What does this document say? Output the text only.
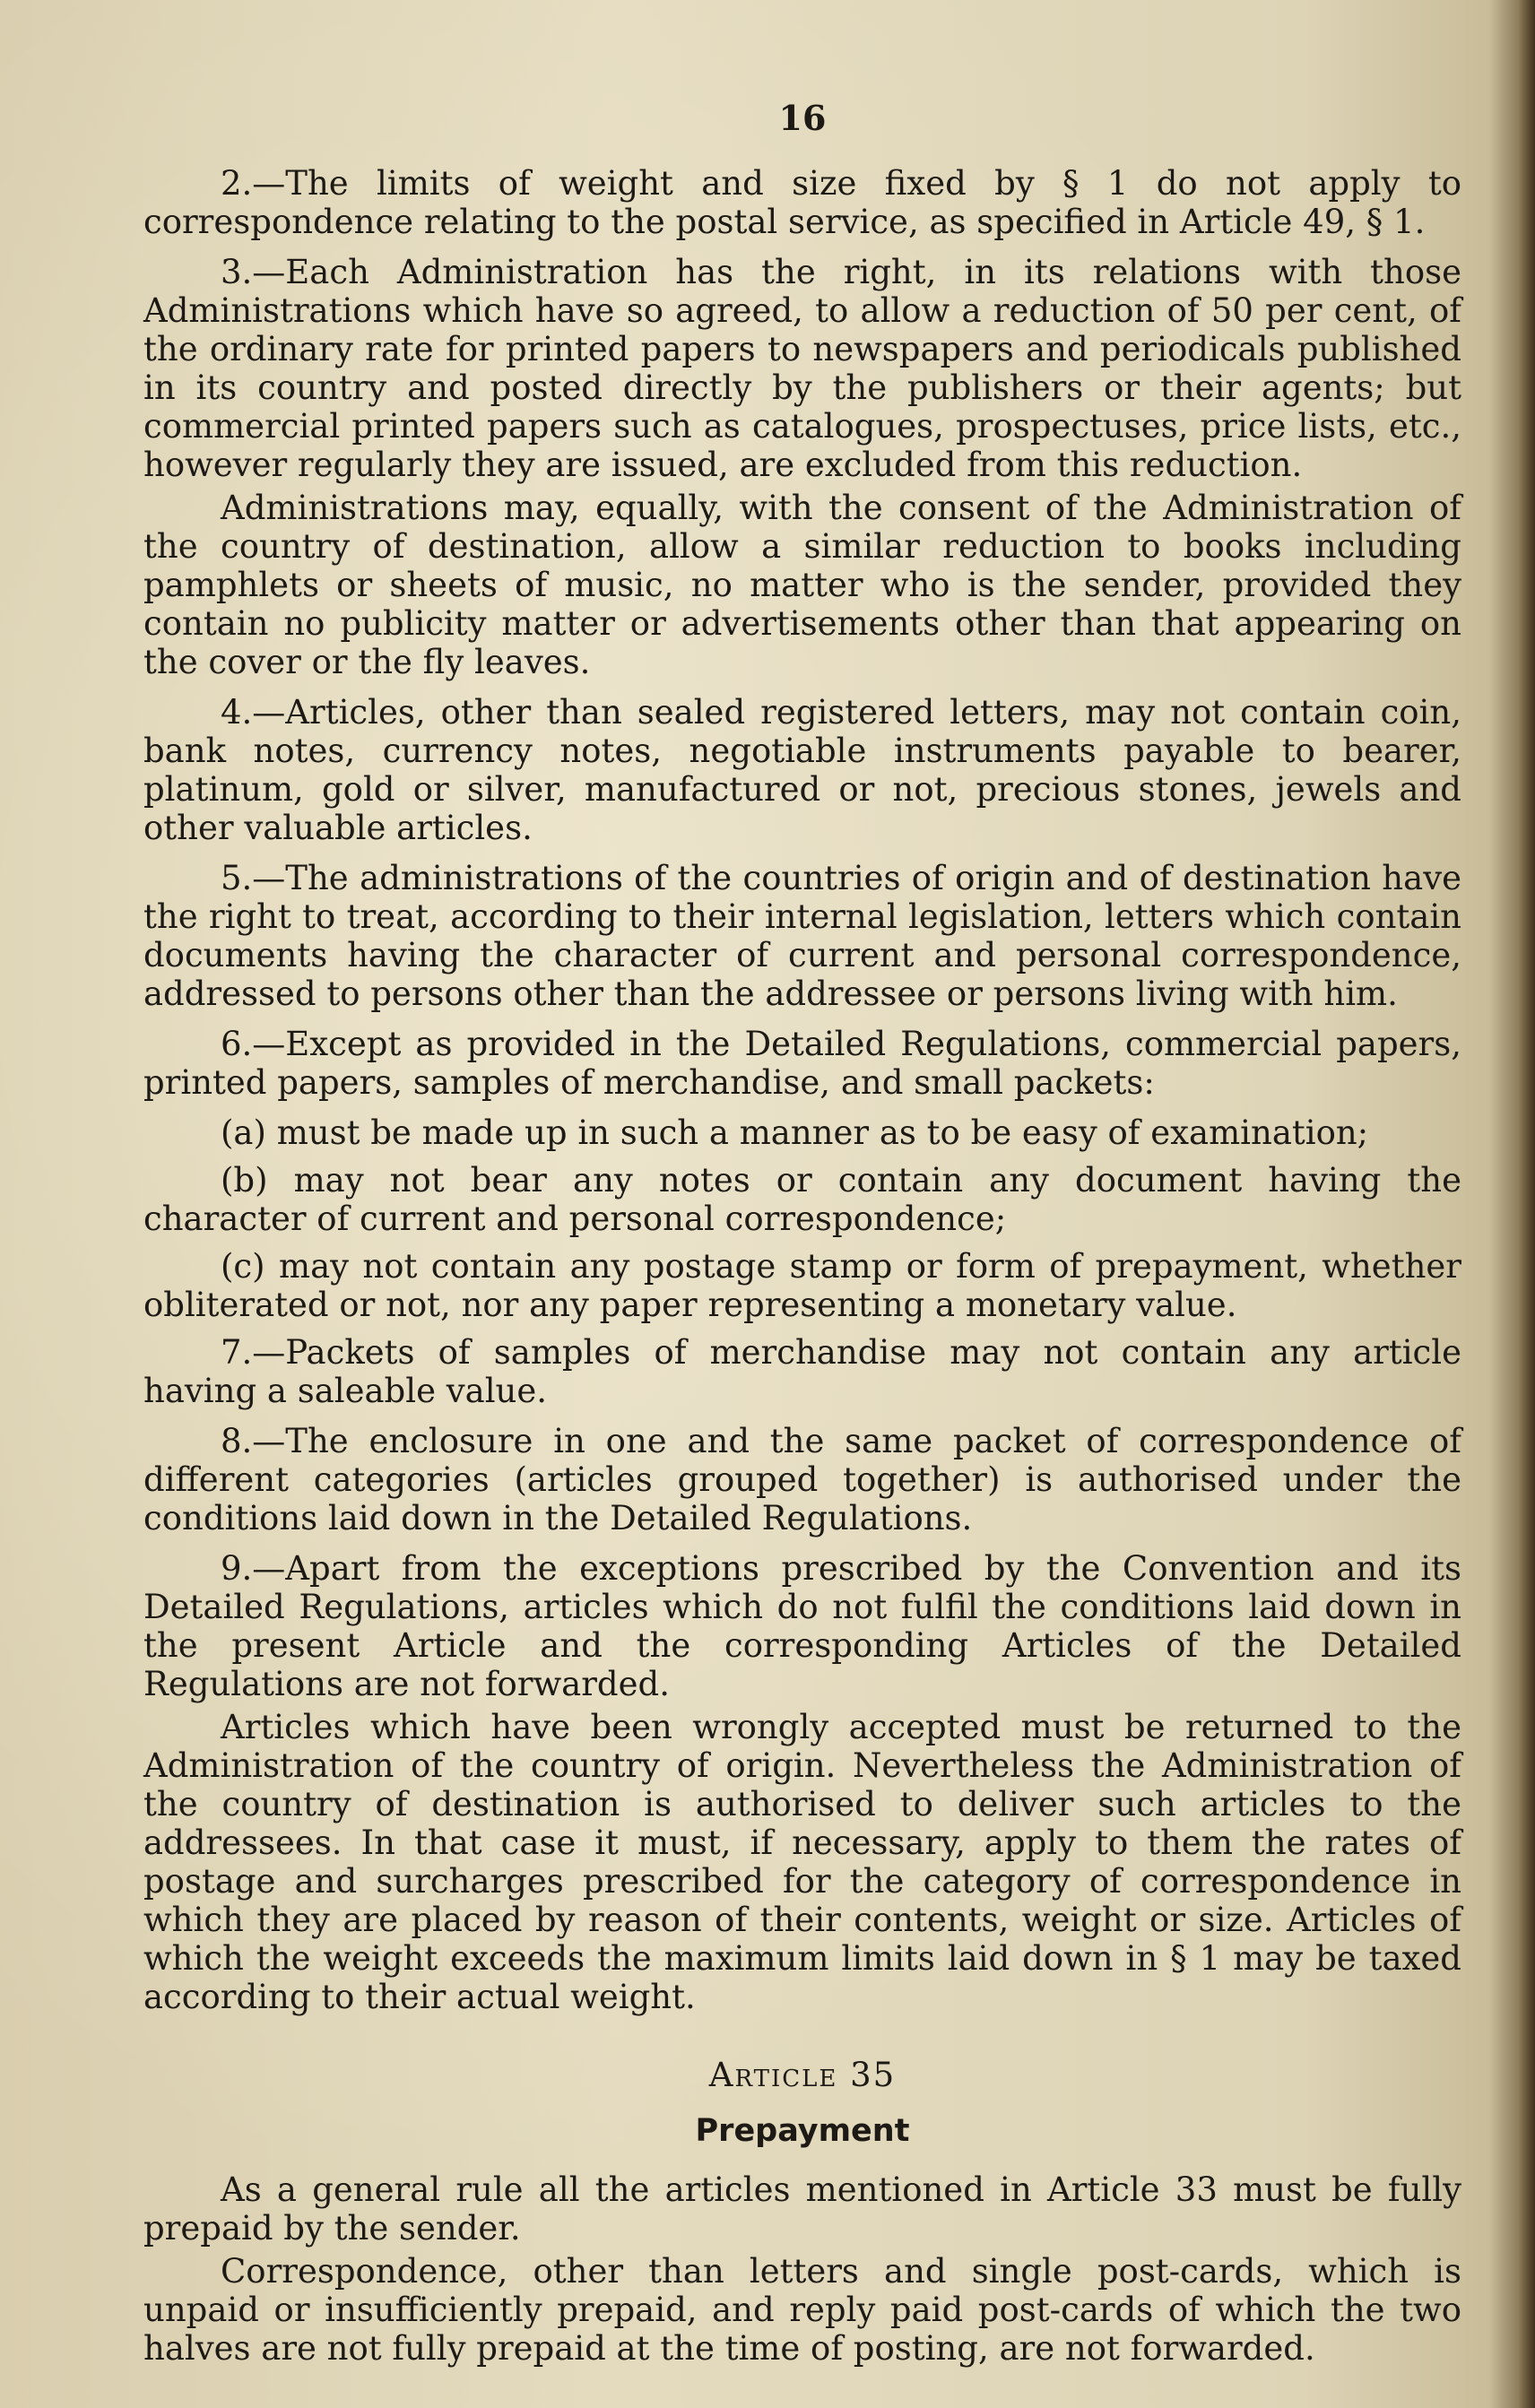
16

2.—The limits of weight and size fixed by § 1 do not apply to correspondence relating to the postal service, as specified in Article 49, § 1.

3.—Each Administration has the right, in its relations with those Administrations which have so agreed, to allow a reduction of 50 per cent, of the ordinary rate for printed papers to newspapers and periodicals published in its country and posted directly by the publishers or their agents; but commercial printed papers such as catalogues, prospectuses, price lists, etc., however regularly they are issued, are excluded from this reduction.

Administrations may, equally, with the consent of the Administration of the country of destination, allow a similar reduction to books including pamphlets or sheets of music, no matter who is the sender, provided they contain no publicity matter or advertisements other than that appearing on the cover or the fly leaves.

4.—Articles, other than sealed registered letters, may not contain coin, bank notes, currency notes, negotiable instruments payable to bearer, platinum, gold or silver, manufactured or not, precious stones, jewels and other valuable articles.

5.—The administrations of the countries of origin and of destination have the right to treat, according to their internal legislation, letters which contain documents having the character of current and personal correspondence, addressed to persons other than the addressee or persons living with him.

6.—Except as provided in the Detailed Regulations, commercial papers, printed papers, samples of merchandise, and small packets:

(a) must be made up in such a manner as to be easy of examination;

(b) may not bear any notes or contain any document having the character of current and personal correspondence;

(c) may not contain any postage stamp or form of prepayment, whether obliterated or not, nor any paper representing a monetary value.

7.—Packets of samples of merchandise may not contain any article having a saleable value.

8.—The enclosure in one and the same packet of correspondence of different categories (articles grouped together) is authorised under the conditions laid down in the Detailed Regulations.

9.—Apart from the exceptions prescribed by the Convention and its Detailed Regulations, articles which do not fulfil the conditions laid down in the present Article and the corresponding Articles of the Detailed Regulations are not forwarded.

Articles which have been wrongly accepted must be returned to the Administration of the country of origin. Nevertheless the Administration of the country of destination is authorised to deliver such articles to the addressees. In that case it must, if necessary, apply to them the rates of postage and surcharges prescribed for the category of correspondence in which they are placed by reason of their contents, weight or size. Articles of which the weight exceeds the maximum limits laid down in § 1 may be taxed according to their actual weight.

Article 35
Prepayment

As a general rule all the articles mentioned in Article 33 must be fully prepaid by the sender.

Correspondence, other than letters and single post-cards, which is unpaid or insufficiently prepaid, and reply paid post-cards of which the two halves are not fully prepaid at the time of posting, are not forwarded.
